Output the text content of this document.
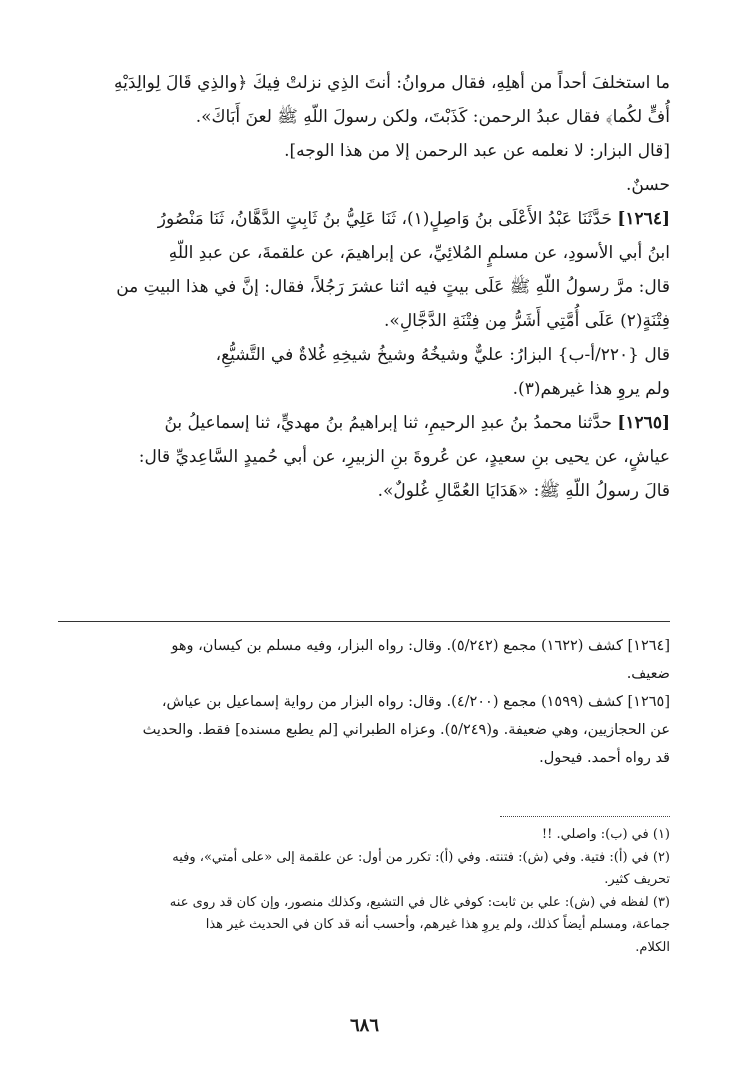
ما استخلفَ أحداً من أهلِهِ، فقال مروانُ: أنتَ الذِي نزلتْ فِيكَ ﴿والذِي قَالَ لِوالِدَيْهِ

أُفٍّ لكُما﴾ فقال عبدُ الرحمن: كَذَبْتَ، ولكن رسولَ اللّهِ ﷺ لعنَ أَبَاكَ».

[قال البزار: لا نعلمه عن عبد الرحمن إلا من هذا الوجه].

حسنٌ.

[١٢٦٤] حَدَّثَنَا عَبْدُ الأَعْلَى بنُ وَاصِلٍ(١)، ثَنَا عَلِيُّ بنُ ثَابِتٍ الدَّهَّانُ، ثَنَا مَنْصُورُ

ابنُ أبي الأسودِ، عن مسلمٍ المُلائِيِّ، عن إبراهيمَ، عن علقمةَ، عن عبدِ اللّهِ

قال: مرَّ رسولُ اللّهِ ﷺ عَلَى بيتٍ فيه اثنا عشرَ رَجُلاً، فقال: إنَّ في هذا البيتِ من

فِتْنَةٍ(٢) عَلَى أُمَّتِي أَشَرُّ مِن فِتْنَةِ الدَّجَّالِ».

قال {٢٢٠/أ-ب} البزارُ: عليٌّ وشيخُهُ وشيخُ شيخِهِ غُلاةٌ في التَّشيُّعِ،

ولم يروِ هذا غيرهم(٣).

[١٢٦٥] حدَّثنا محمدُ بنُ عبدِ الرحيمِ، ثنا إبراهيمُ بنُ مهديٍّ، ثنا إسماعيلُ بنُ

عياشٍ، عن يحيى بنِ سعيدٍ، عن عُروةَ بنِ الزبيرِ، عن أبي حُميدٍ السَّاعِديِّ قال:

قالَ رسولُ اللّهِ ﷺ: «هَدَايَا العُمَّالِ غُلولٌ».

[١٢٦٤] كشف (١٦٢٢) مجمع (٥/٢٤٢). وقال: رواه البزار، وفيه مسلم بن كيسان، وهو

ضعيف.

[١٢٦٥] كشف (١٥٩٩) مجمع (٤/٢٠٠). وقال: رواه البزار من رواية إسماعيل بن عياش،

عن الحجازيين، وهي ضعيفة. و(٥/٢٤٩). وعزاه الطبراني [لم يطبع مسنده] فقط. والحديث

قد رواه أحمد. فيحول.

(١) في (ب): واصلي. !!

(٢) في (أ): فتية. وفي (ش): فتنته. وفي (أ): تكرر من أول: عن علقمة إلى «على أمتي»، وفيه

تحريف كثير.

(٣) لفظه في (ش): علي بن ثابت: كوفي غال في التشيع، وكذلك منصور، وإن كان قد روى عنه

جماعة، ومسلم أيضاً كذلك، ولم يروِ هذا غيرهم، وأحسب أنه قد كان في الحديث غير هذا

الكلام.

٦٨٦
